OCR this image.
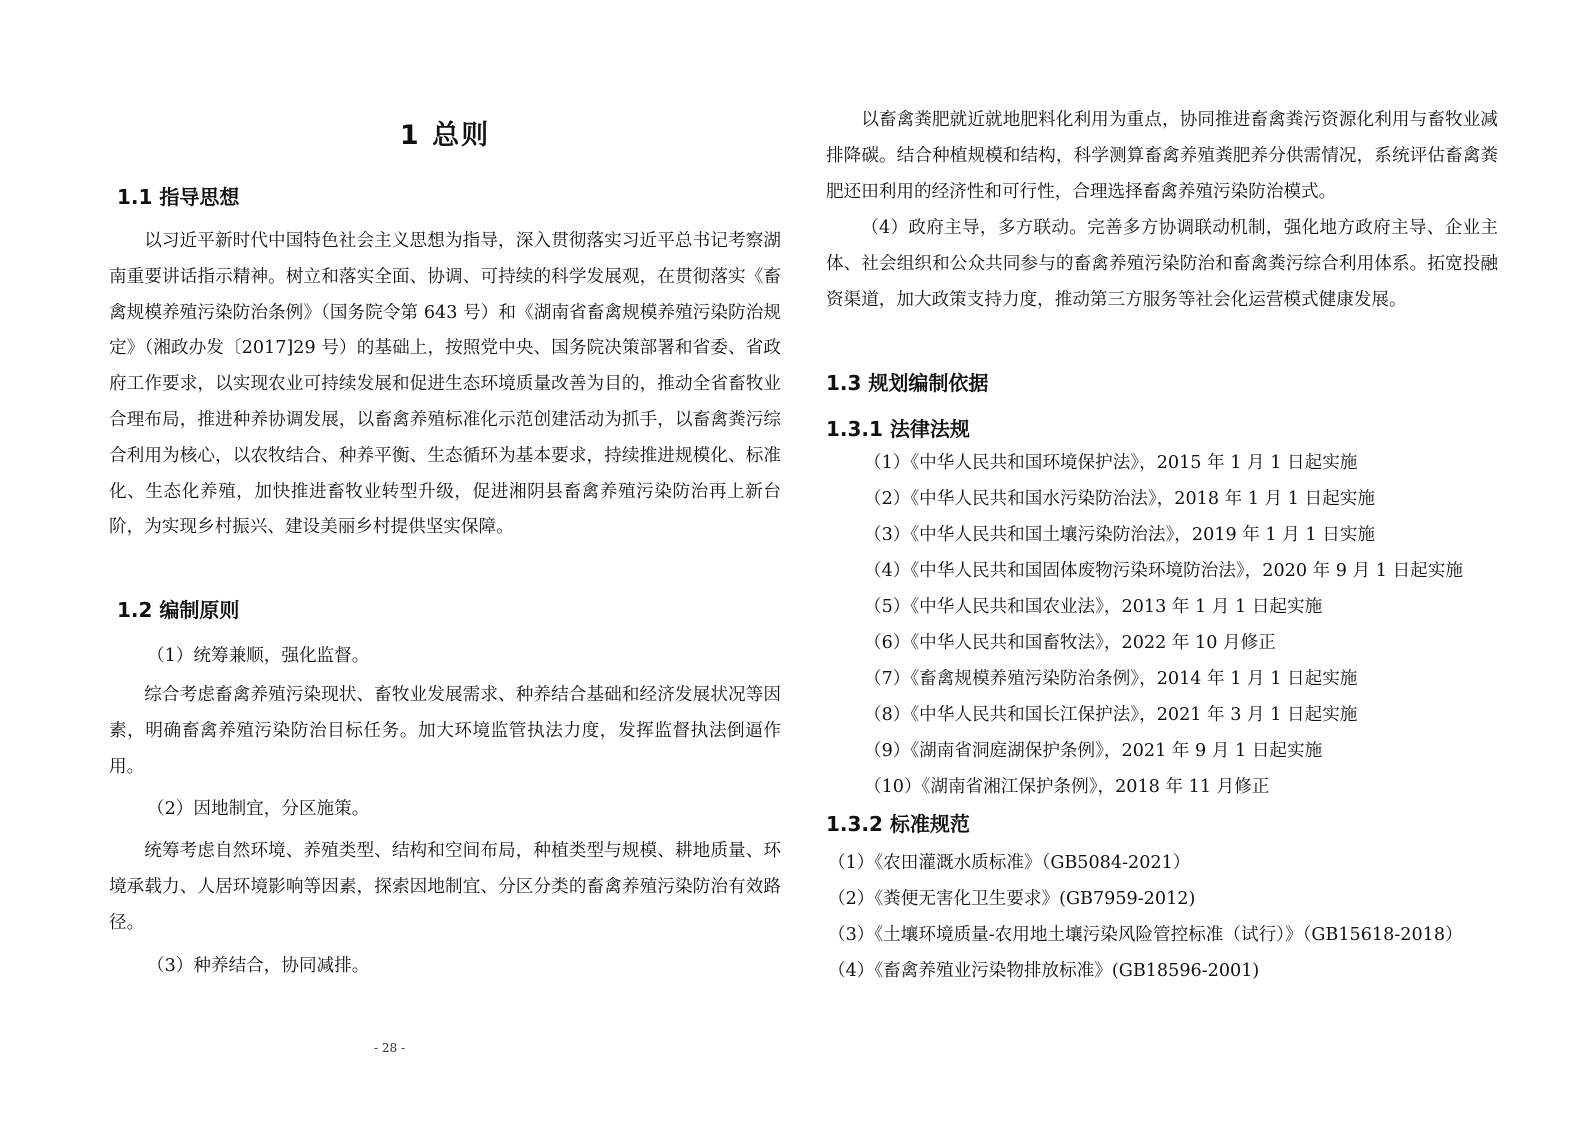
1 总则
1.1 指导思想

以习近平新时代中国特色社会主义思想为指导，深入贯彻落实习近平总书记考察湖南重要讲话指示精神。树立和落实全面、协调、可持续的科学发展观，在贯彻落实《畜禽规模养殖污染防治条例》（国务院令第 643 号）和《湖南省畜禽规模养殖污染防治规定》（湘政办发〔2017]29 号）的基础上，按照党中央、国务院决策部署和省委、省政府工作要求，以实现农业可持续发展和促进生态环境质量改善为目的，推动全省畜牧业合理布局，推进种养协调发展，以畜禽养殖标准化示范创建活动为抓手，以畜禽粪污综合利用为核心，以农牧结合、种养平衡、生态循环为基本要求，持续推进规模化、标准化、生态化养殖，加快推进畜牧业转型升级，促进湘阴县畜禽养殖污染防治再上新台阶，为实现乡村振兴、建设美丽乡村提供坚实保障。

1.2 编制原则
（1）统筹兼顺，强化监督。

综合考虑畜禽养殖污染现状、畜牧业发展需求、种养结合基础和经济发展状况等因素，明确畜禽养殖污染防治目标任务。加大环境监管执法力度，发挥监督执法倒逼作用。

（2）因地制宜，分区施策。

统筹考虑自然环境、养殖类型、结构和空间布局，种植类型与规模、耕地质量、环境承载力、人居环境影响等因素，探索因地制宜、分区分类的畜禽养殖污染防治有效路径。

（3）种养结合，协同减排。
- 28 -

以畜禽粪肥就近就地肥料化利用为重点，协同推进畜禽粪污资源化利用与畜牧业减排降碳。结合种植规模和结构，科学测算畜禽养殖粪肥养分供需情况，系统评估畜禽粪肥还田利用的经济性和可行性，合理选择畜禽养殖污染防治模式。

（4）政府主导，多方联动。完善多方协调联动机制，强化地方政府主导、企业主体、社会组织和公众共同参与的畜禽养殖污染防治和畜禽粪污综合利用体系。拓宽投融资渠道，加大政策支持力度，推动第三方服务等社会化运营模式健康发展。

1.3 规划编制依据
1.3.1 法律法规
（1）《中华人民共和国环境保护法》，2015 年 1 月 1 日起实施
（2）《中华人民共和国水污染防治法》，2018 年 1 月 1 日起实施
（3）《中华人民共和国土壤污染防治法》，2019 年 1 月 1 日实施
（4）《中华人民共和国固体废物污染环境防治法》，2020 年 9 月 1 日起实施
（5）《中华人民共和国农业法》，2013 年 1 月 1 日起实施
（6）《中华人民共和国畜牧法》，2022 年 10 月修正
（7）《畜禽规模养殖污染防治条例》，2014 年 1 月 1 日起实施
（8）《中华人民共和国长江保护法》，2021 年 3 月 1 日起实施
（9）《湖南省洞庭湖保护条例》，2021 年 9 月 1 日起实施
（10）《湖南省湘江保护条例》，2018 年 11 月修正
1.3.2 标准规范
（1）《农田灌溉水质标准》（GB5084-2021）
（2）《粪便无害化卫生要求》(GB7959-2012)
（3）《土壤环境质量-农用地土壤污染风险管控标准（试行）》（GB15618-2018）
（4）《畜禽养殖业污染物排放标准》(GB18596-2001)
